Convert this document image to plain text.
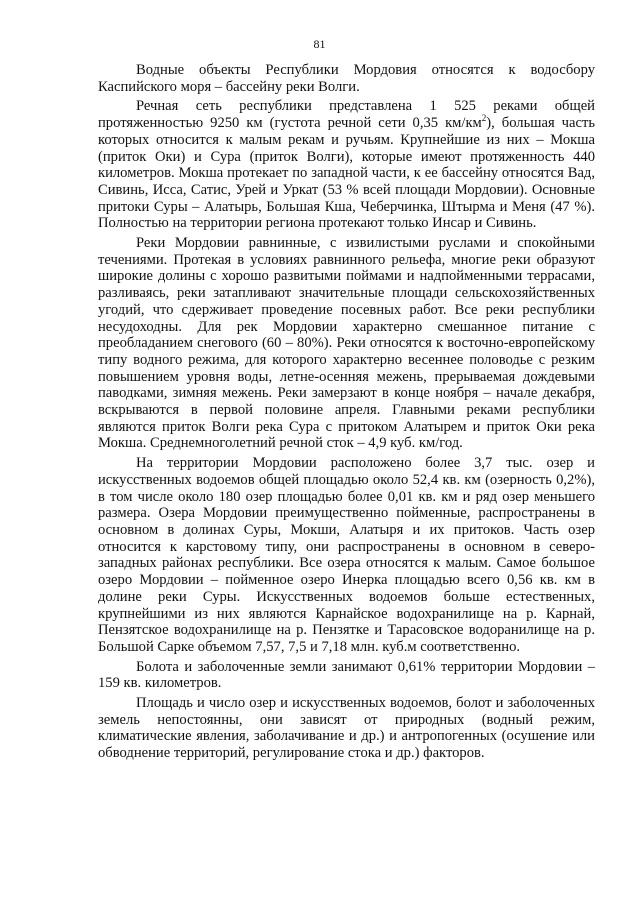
81

Водные объекты Республики Мордовия относятся к водосбору Каспийского моря – бассейну реки Волги.

Речная сеть республики представлена 1 525 реками общей протяженностью 9250 км (густота речной сети 0,35 $км/км^2$), большая часть которых относится к малым рекам и ручьям. Крупнейшие из них – Мокша (приток Оки) и Сура (приток Волги), которые имеют протяженность 440 километров. Мокша протекает по западной части, к ее бассейну относятся Вад, Сивинь, Исса, Сатис, Урей и Уркат (53 % всей площади Мордовии). Основные притоки Суры – Алатырь, Большая Кша, Чеберчинка, Штырма и Меня (47 %). Полностью на территории региона протекают только Инсар и Сивинь.

Реки Мордовии равнинные, с извилистыми руслами и спокойными течениями. Протекая в условиях равнинного рельефа, многие реки образуют широкие долины с хорошо развитыми поймами и надпойменными террасами, разливаясь, реки затапливают значительные площади сельскохозяйственных угодий, что сдерживает проведение посевных работ. Все реки республики несудоходны. Для рек Мордовии характерно смешанное питание с преобладанием снегового (60 – 80%). Реки относятся к восточно-европейскому типу водного режима, для которого характерно весеннее половодье с резким повышением уровня воды, летне-осенняя межень, прерываемая дождевыми паводками, зимняя межень. Реки замерзают в конце ноября – начале декабря, вскрываются в первой половине апреля. Главными реками республики являются приток Волги река Сура с притоком Алатырем и приток Оки река Мокша. Среднемноголетний речной сток – 4,9 куб. км/год.

На территории Мордовии расположено более 3,7 тыс. озер и искусственных водоемов общей площадью около 52,4 кв. км (озерность 0,2%), в том числе около 180 озер площадью более 0,01 кв. км и ряд озер меньшего размера. Озера Мордовии преимущественно пойменные, распространены в основном в долинах Суры, Мокши, Алатыря и их притоков. Часть озер относится к карстовому типу, они распространены в основном в северо-западных районах республики. Все озера относятся к малым. Самое большое озеро Мордовии – пойменное озеро Инерка площадью всего 0,56 кв. км в долине реки Суры. Искусственных водоемов больше естественных, крупнейшими из них являются Карнайское водохранилище на р. Карнай, Пензятское водохранилище на р. Пензятке и Тарасовское водоранилище на р. Большой Сарке объемом 7,57, 7,5 и 7,18 млн. куб.м соответственно.

Болота и заболоченные земли занимают 0,61% территории Мордовии – 159 кв. километров.

Площадь и число озер и искусственных водоемов, болот и заболоченных земель непостоянны, они зависят от природных (водный режим, климатические явления, заболачивание и др.) и антропогенных (осушение или обводнение территорий, регулирование стока и др.) факторов.
